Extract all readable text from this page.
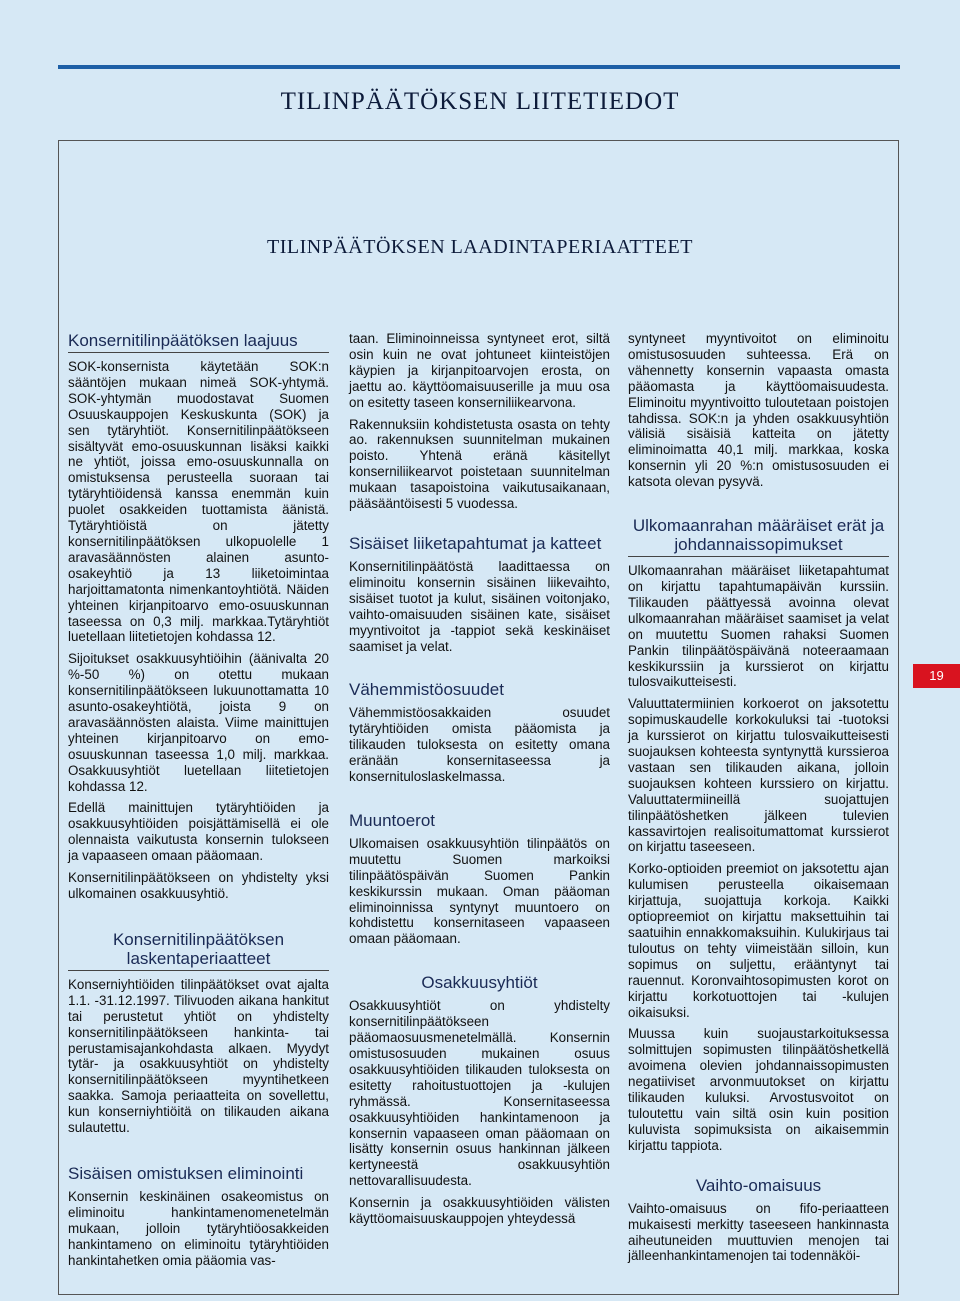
TILINPÄÄTÖKSEN LIITETIEDOT
TILINPÄÄTÖKSEN LAADINTAPERIAATTEET
Konsernitilinpäätöksen laajuus

SOK-konsernista käytetään SOK:n sääntöjen mukaan nimeä SOK-yhtymä. SOK-yhtymän muodostavat Suomen Osuuskauppojen Keskuskunta (SOK) ja sen tytäryhtiöt. Konsernitilinpäätökseen sisältyvät emo-osuuskunnan lisäksi kaikki ne yhtiöt, joissa emo-osuuskunnalla on omistuksensa perusteella suoraan tai tytäryhtiöidensä kanssa enemmän kuin puolet osakkeiden tuottamista äänistä. Tytäryhtiöistä on jätetty konsernitilinpäätöksen ulkopuolelle 1 aravasäännösten alainen asunto-osakeyhtiö ja 13 liiketoimintaa harjoittamatonta nimenkantoyhtiötä. Näiden yhteinen kirjanpitoarvo emo-osuuskunnan taseessa on 0,3 milj. markkaa.Tytäryhtiöt luetellaan liitetietojen kohdassa 12.

Sijoitukset osakkuusyhtiöihin (äänivalta 20 %-50 %) on otettu mukaan konsernitilinpäätökseen lukuunottamatta 10 asunto-osakeyhtiötä, joista 9 on aravasäännösten alaista. Viime mainittujen yhteinen kirjanpitoarvo on emo-osuuskunnan taseessa 1,0 milj. markkaa. Osakkuusyhtiöt luetellaan liitetietojen kohdassa 12.

Edellä mainittujen tytäryhtiöiden ja osakkuusyhtiöiden poisjättämisellä ei ole olennaista vaikutusta konsernin tulokseen ja vapaaseen omaan pääomaan.

Konsernitilinpäätökseen on yhdistelty yksi ulkomainen osakkuusyhtiö.

Konsernitilinpäätöksen laskentaperiaatteet

Konserniyhtiöiden tilinpäätökset ovat ajalta 1.1. -31.12.1997. Tilivuoden aikana hankitut tai perustetut yhtiöt on yhdistelty konsernitilinpäätökseen hankinta- tai perustamisajankohdasta alkaen. Myydyt tytär- ja osakkuusyhtiöt on yhdistelty konsernitilinpäätökseen myyntihetkeen saakka. Samoja periaatteita on sovellettu, kun konserniyhtiöitä on tilikauden aikana sulautettu.

Sisäisen omistuksen eliminointi

Konsernin keskinäinen osakeomistus on eliminoitu hankintamenomenetelmän mukaan, jolloin tytäryhtiöosakkeiden hankintameno on eliminoitu tytäryhtiöiden hankintahetken omia pääomia vas-

taan. Eliminoinneissa syntyneet erot, siltä osin kuin ne ovat johtuneet kiinteistöjen käypien ja kirjanpitoarvojen erosta, on jaettu ao. käyttöomaisuuserille ja muu osa on esitetty taseen konserniliikearvona.

Rakennuksiin kohdistetusta osasta on tehty ao. rakennuksen suunnitelman mukainen poisto. Yhtenä eränä käsitellyt konserniliikearvot poistetaan suunnitelman mukaan tasapoistoina vaikutusaikanaan, pääsääntöisesti 5 vuodessa.

Sisäiset liiketapahtumat ja katteet

Konsernitilinpäätöstä laadittaessa on eliminoitu konsernin sisäinen liikevaihto, sisäiset tuotot ja kulut, sisäinen voitonjako, vaihto-omaisuuden sisäinen kate, sisäiset myyntivoitot ja -tappiot sekä keskinäiset saamiset ja velat.

Vähemmistöosuudet

Vähemmistöosakkaiden osuudet tytäryhtiöiden omista pääomista ja tilikauden tuloksesta on esitetty omana eränään konsernitaseessa ja konsernituloslaskelmassa.

Muuntoerot

Ulkomaisen osakkuusyhtiön tilinpäätös on muutettu Suomen markoiksi tilinpäätöspäivän Suomen Pankin keskikurssin mukaan. Oman pääoman eliminoinnissa syntynyt muuntoero on kohdistettu konsernitaseen vapaaseen omaan pääomaan.

Osakkuusyhtiöt

Osakkuusyhtiöt on yhdistelty konsernitilinpäätökseen pääomaosuusmenetelmällä. Konsernin omistusosuuden mukainen osuus osakkuusyhtiöiden tilikauden tuloksesta on esitetty rahoitustuottojen ja -kulujen ryhmässä. Konsernitaseessa osakkuusyhtiöiden hankintamenoon ja konsernin vapaaseen oman pääomaan on lisätty konsernin osuus hankinnan jälkeen kertyneestä osakkuusyhtiön nettovarallisuudesta.

Konsernin ja osakkuusyhtiöiden välisten käyttöomaisuuskauppojen yhteydessä

syntyneet myyntivoitot on eliminoitu omistusosuuden suhteessa. Erä on vähennetty konsernin vapaasta omasta pääomasta ja käyttöomaisuudesta. Eliminoitu myyntivoitto tuloutetaan poistojen tahdissa. SOK:n ja yhden osakkuusyhtiön välisiä sisäisiä katteita on jätetty eliminoimatta 40,1 milj. markkaa, koska konsernin yli 20 %:n omistusosuuden ei katsota olevan pysyvä.

Ulkomaanrahan määräiset erät ja johdannaissopimukset

Ulkomaanrahan määräiset liiketapahtumat on kirjattu tapahtumapäivän kurssiin. Tilikauden päättyessä avoinna olevat ulkomaanrahan määräiset saamiset ja velat on muutettu Suomen rahaksi Suomen Pankin tilinpäätöspäivänä noteeraamaan keskikurssiin ja kurssierot on kirjattu tulosvaikutteisesti.

Valuuttatermiinien korkoerot on jaksotettu sopimuskaudelle korkokuluksi tai -tuotoksi ja kurssierot on kirjattu tulosvaikutteisesti suojauksen kohteesta syntynyttä kurssieroa vastaan sen tilikauden aikana, jolloin suojauksen kohteen kurssiero on kirjattu. Valuuttatermiineillä suojattujen tilinpäätöshetken jälkeen tulevien kassavirtojen realisoitumattomat kurssierot on kirjattu taseeseen.

Korko-optioiden preemiot on jaksotettu ajan kulumisen perusteella oikaisemaan kirjattuja, suojattuja korkoja. Kaikki optiopreemiot on kirjattu maksettuihin tai saatuihin ennakkomaksuihin. Kulukirjaus tai tuloutus on tehty viimeistään silloin, kun sopimus on suljettu, erääntynyt tai rauennut. Koronvaihtosopimusten korot on kirjattu korkotuottojen tai -kulujen oikaisuksi.

Muussa kuin suojaustarkoituksessa solmittujen sopimusten tilinpäätöshetkellä avoimena olevien johdannaissopimusten negatiiviset arvonmuutokset on kirjattu tilikauden kuluksi. Arvostusvoitot on tuloutettu vain siltä osin kuin position kuluvista sopimuksista on aikaisemmin kirjattu tappiota.

Vaihto-omaisuus

Vaihto-omaisuus on fifo-periaatteen mukaisesti merkitty taseeseen hankinnasta aiheutuneiden muuttuvien menojen tai jälleenhankintamenojen tai todennäköi-

19
